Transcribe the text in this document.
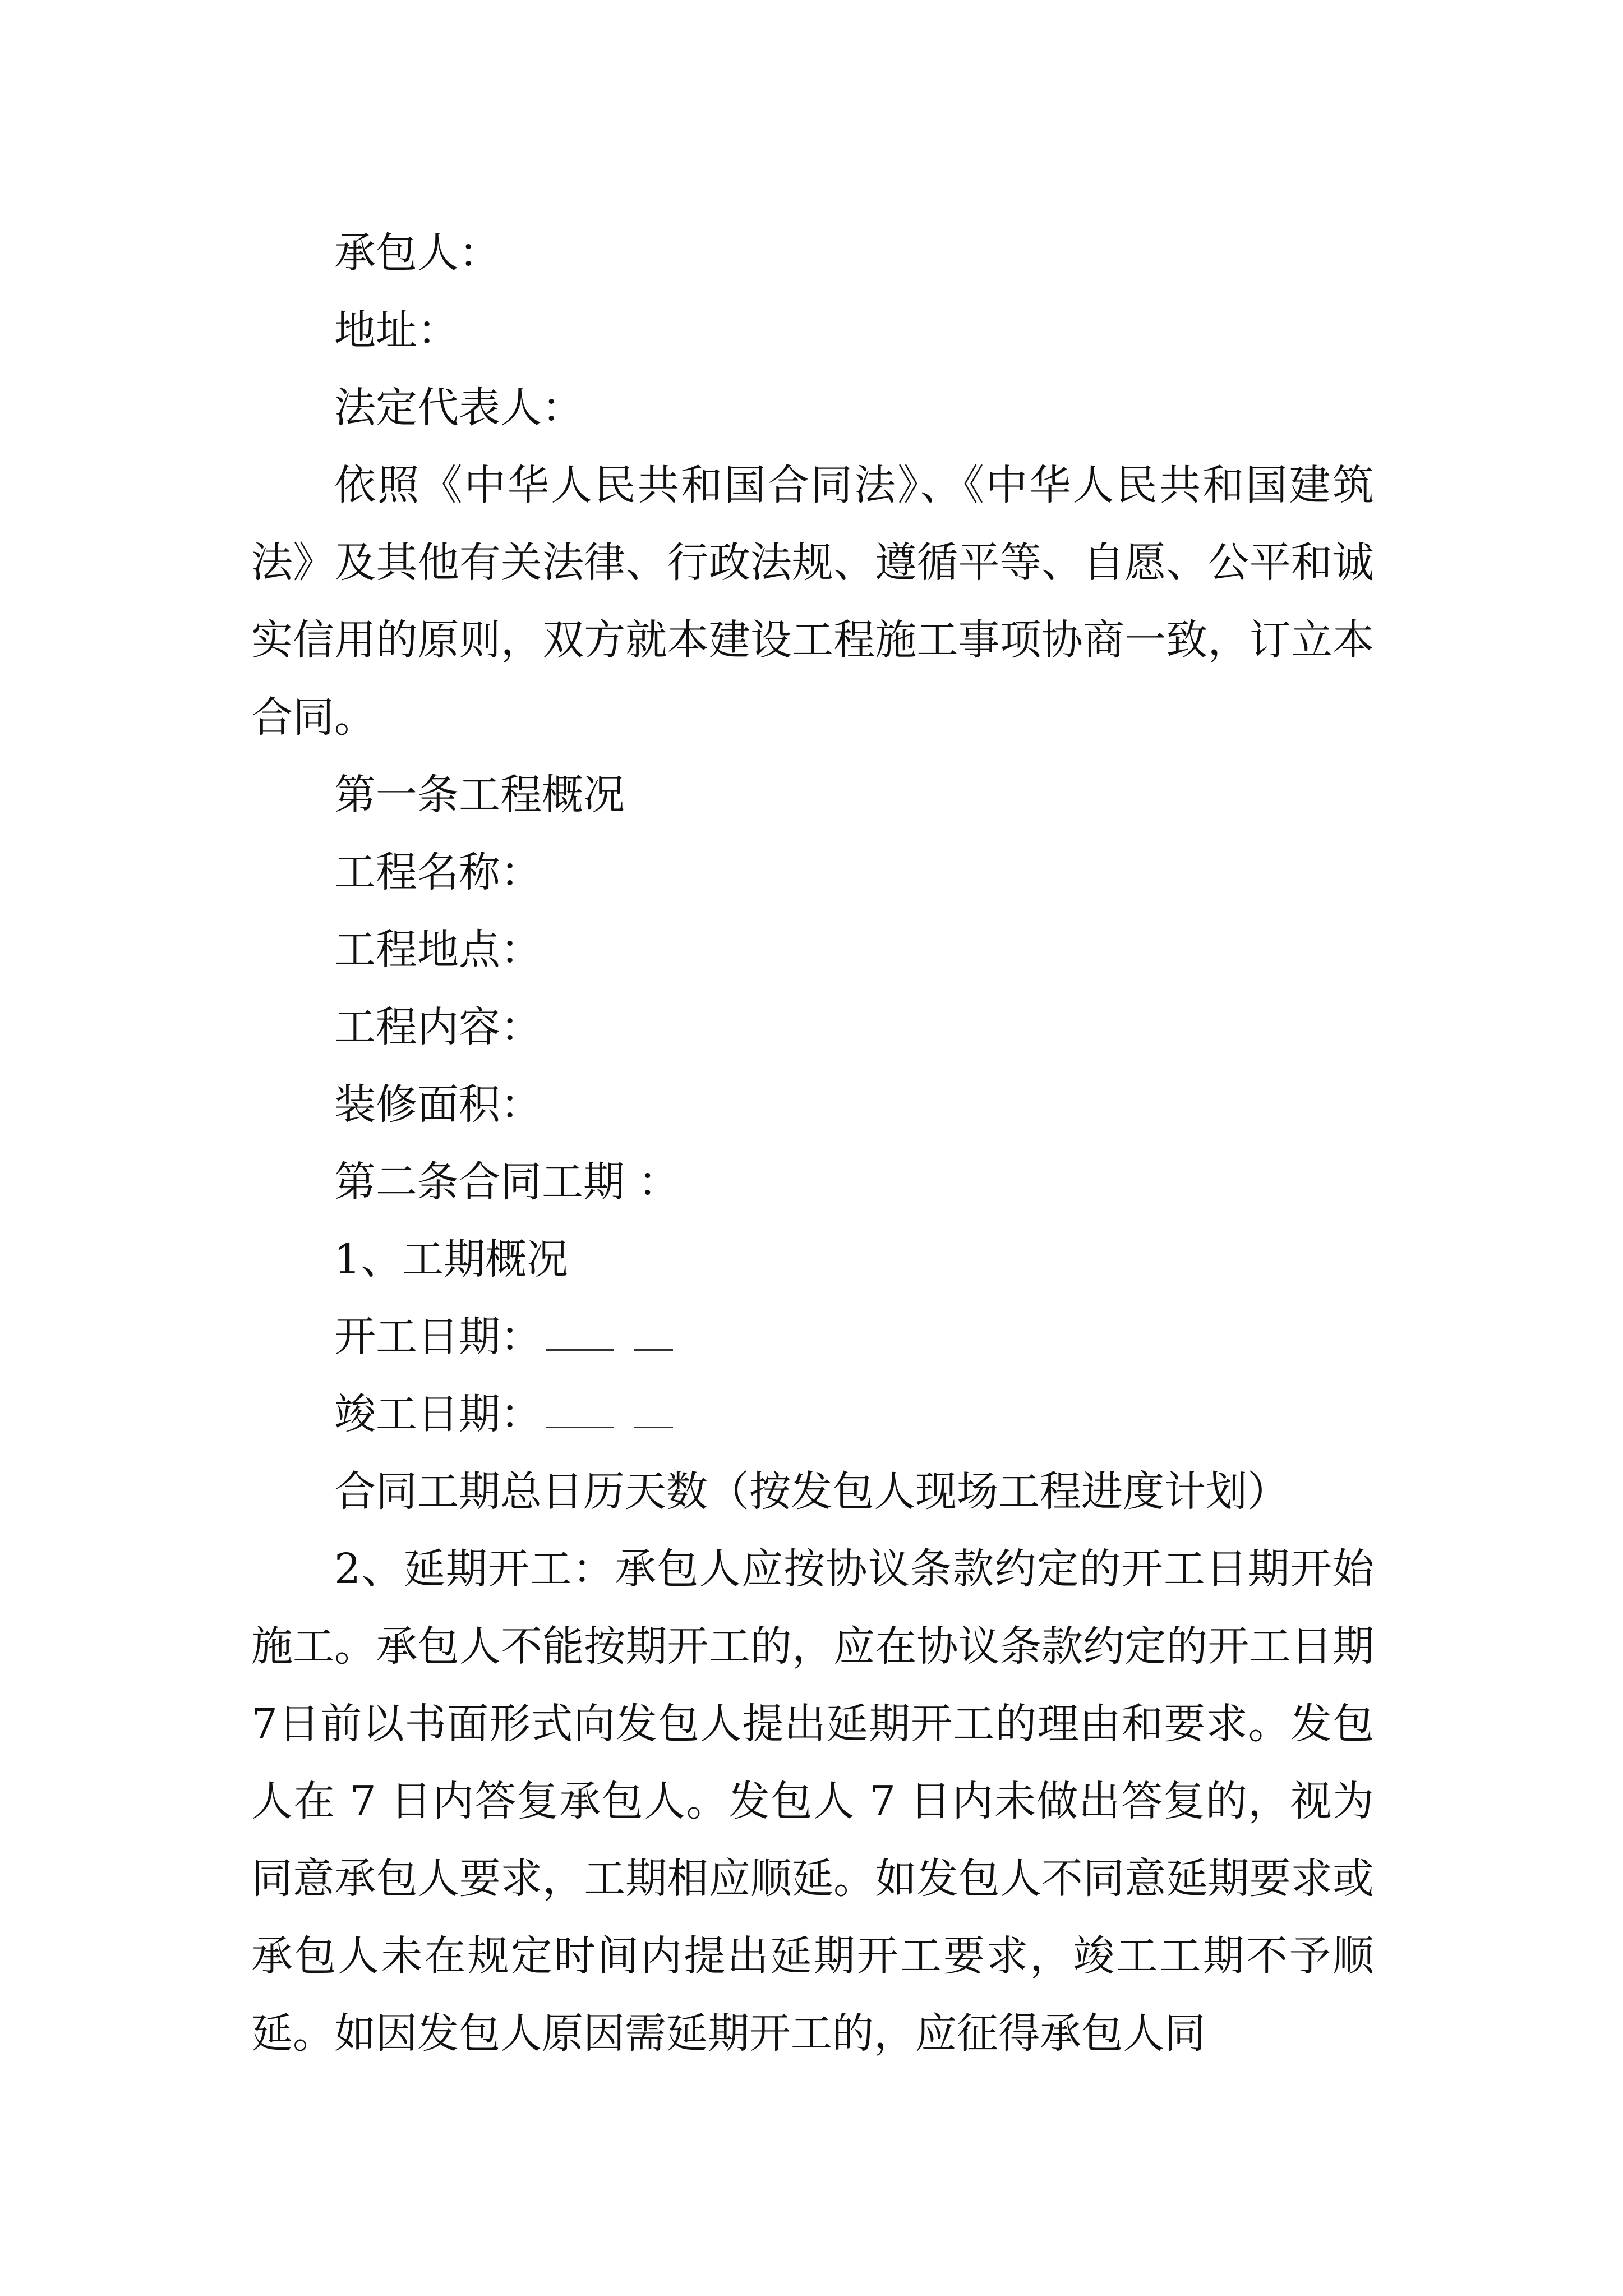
承包人：
地址：
法定代表人：
依照《中华人民共和国合同法》、《中华人民共和国建筑法》及其他有关法律、行政法规、遵循平等、自愿、公平和诚实信用的原则，双方就本建设工程施工事项协商一致，订立本合同。
第一条工程概况
工程名称：
工程地点：
工程内容：
装修面积：
第二条合同工期 ：
1、工期概况
开工日期：
竣工日期：
合同工期总日历天数（按发包人现场工程进度计划）
2、延期开工：承包人应按协议条款约定的开工日期开始施工。承包人不能按期开工的，应在协议条款约定的开工日期7日前以书面形式向发包人提出延期开工的理由和要求。发包人在 7 日内答复承包人。发包人 7 日内未做出答复的，视为同意承包人要求，工期相应顺延。如发包人不同意延期要求或承包人未在规定时间内提出延期开工要求，竣工工期不予顺延。如因发包人原因需延期开工的，应征得承包人同
